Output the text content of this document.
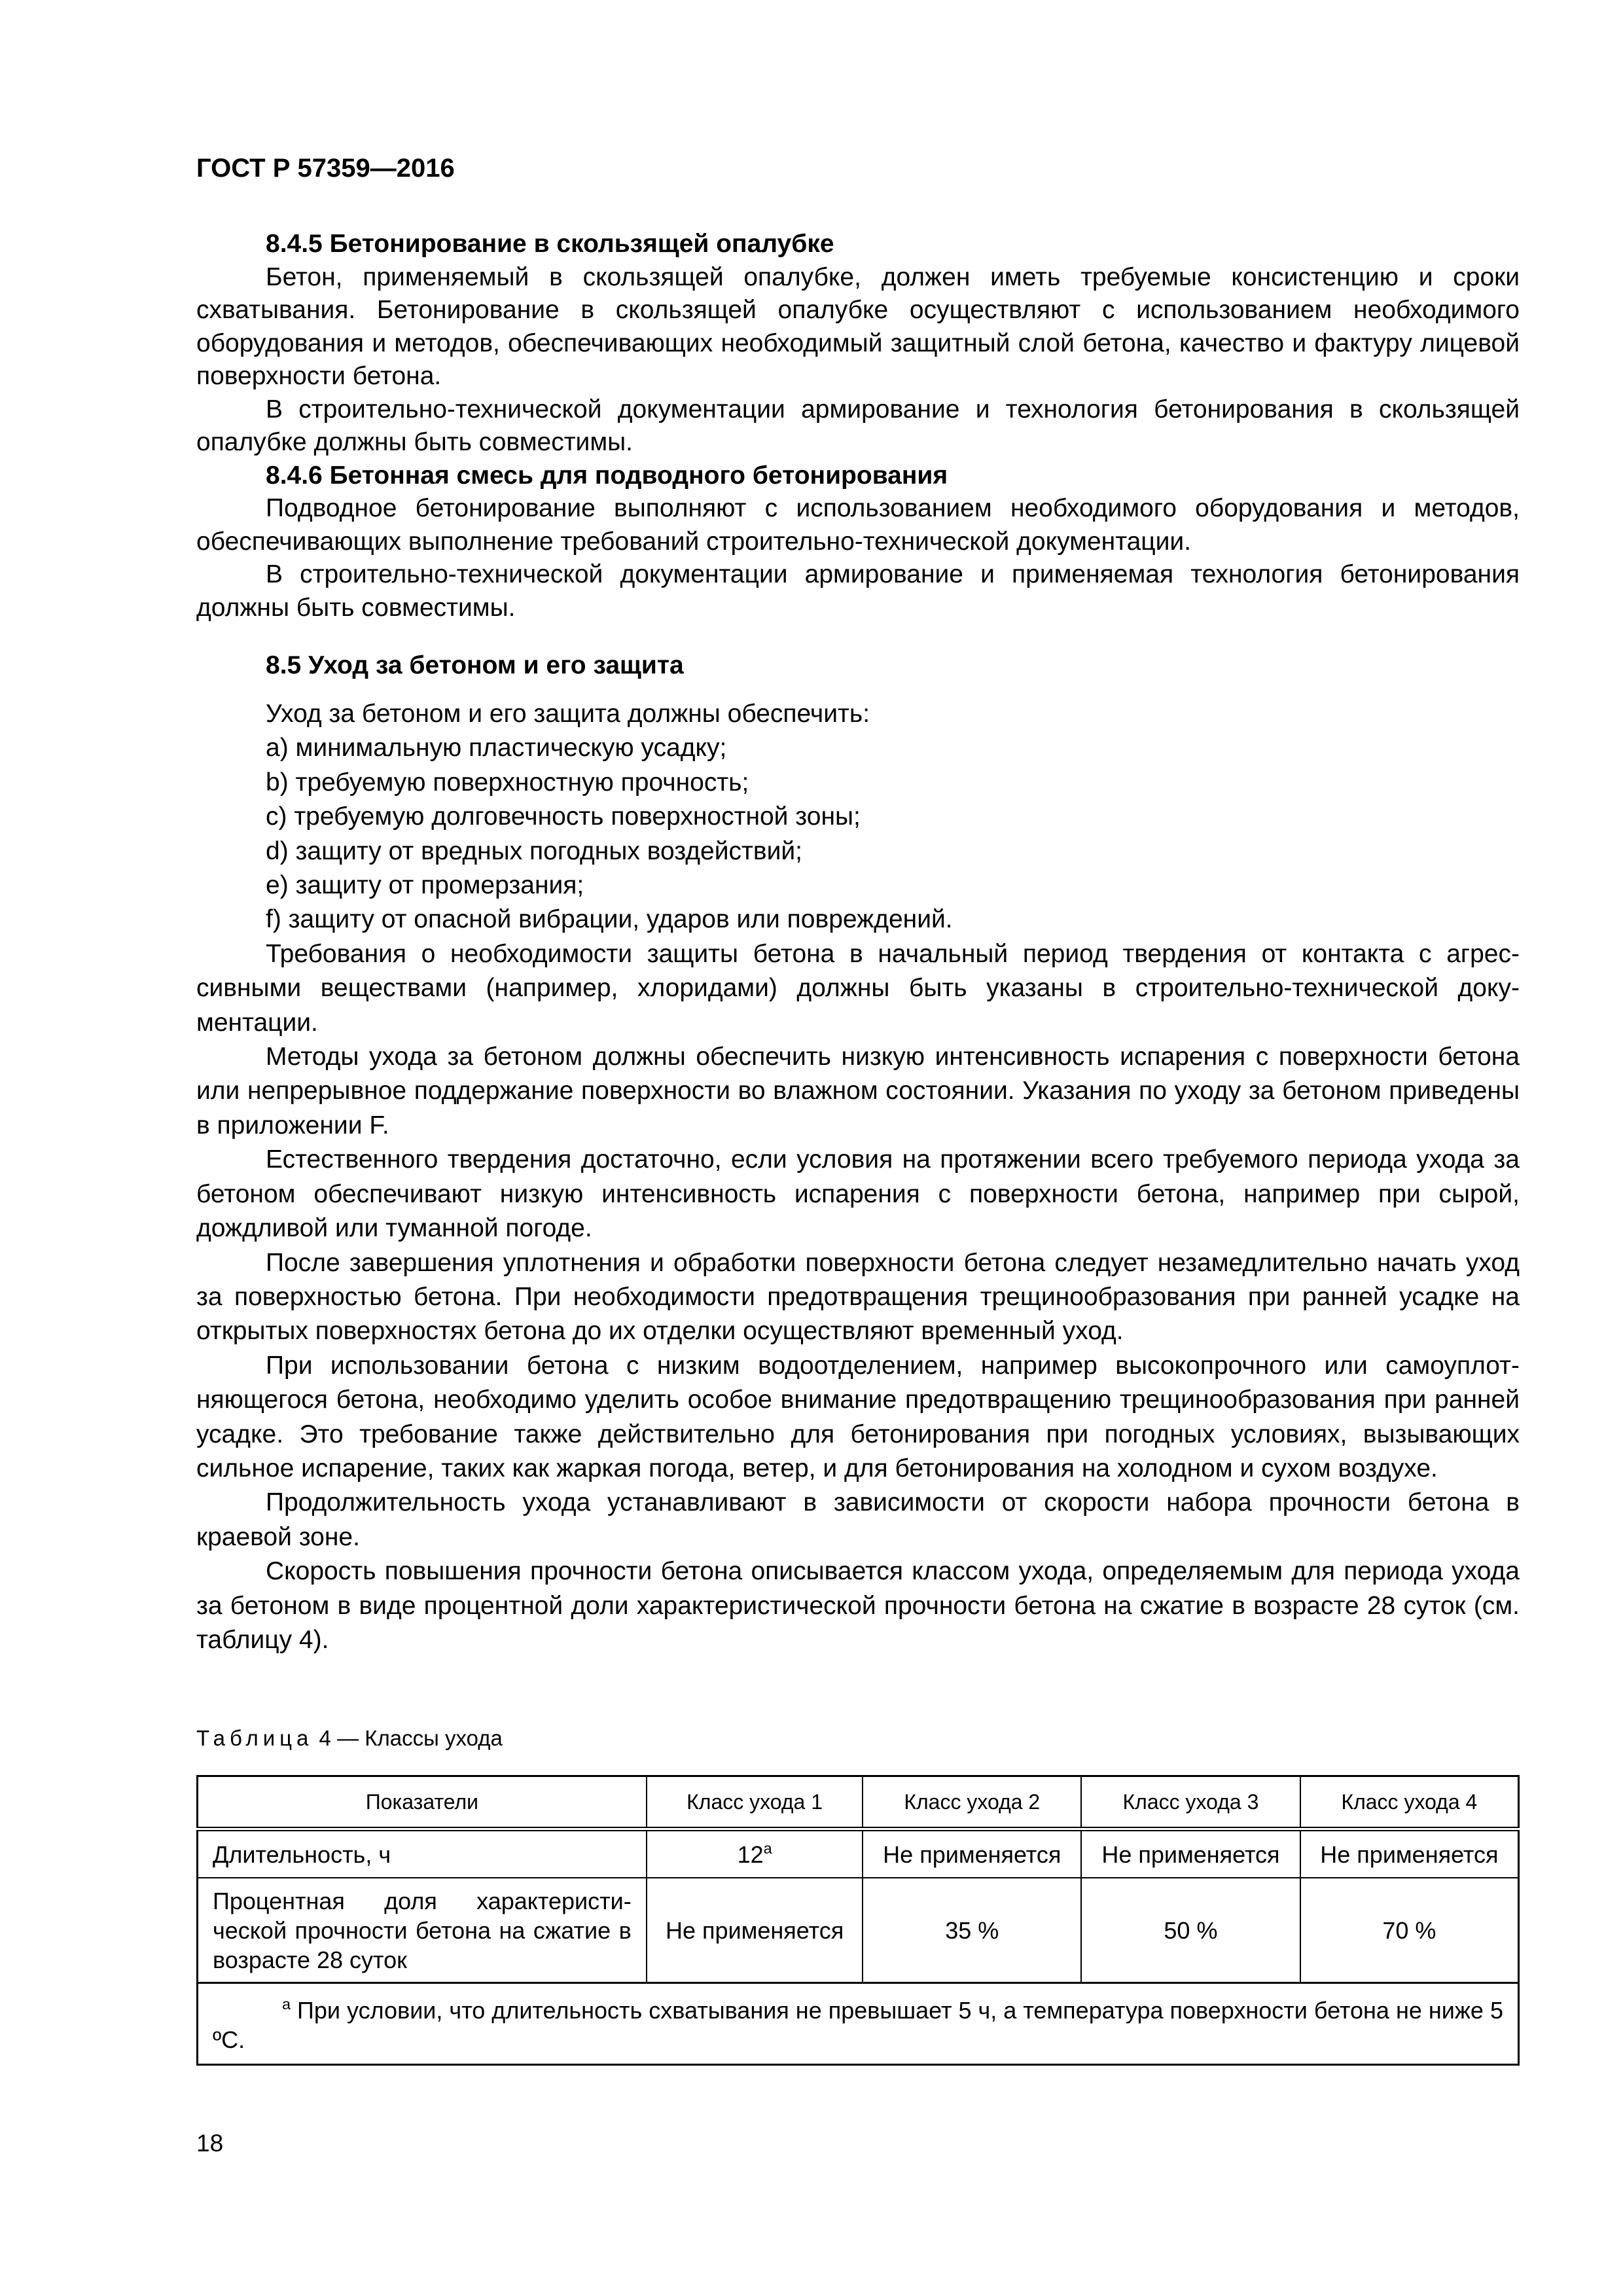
ГОСТ Р 57359—2016

8.4.5 Бетонирование в скользящей опалубке

Бетон, применяемый в скользящей опалубке, должен иметь требуемые консистенцию и сроки схватывания. Бетонирование в скользящей опалубке осуществляют с использованием необходимого оборудования и методов, обеспечивающих необходимый защитный слой бетона, качество и фактуру лицевой поверхности бетона.

В строительно-технической документации армирование и технология бетонирования в скользящей опалубке должны быть совместимы.

8.4.6 Бетонная смесь для подводного бетонирования

Подводное бетонирование выполняют с использованием необходимого оборудования и методов, обеспечивающих выполнение требований строительно-технической документации.

В строительно-технической документации армирование и применяемая технология бетонирования должны быть совместимы.

8.5 Уход за бетоном и его защита

Уход за бетоном и его защита должны обеспечить:

a) минимальную пластическую усадку;

b) требуемую поверхностную прочность;

c) требуемую долговечность поверхностной зоны;

d) защиту от вредных погодных воздействий;

e) защиту от промерзания;

f) защиту от опасной вибрации, ударов или повреждений.

Требования о необходимости защиты бетона в начальный период твердения от контакта с агрессивными веществами (например, хлоридами) должны быть указаны в строительно-технической документации.

Методы ухода за бетоном должны обеспечить низкую интенсивность испарения с поверхности бетона или непрерывное поддержание поверхности во влажном состоянии. Указания по уходу за бетоном приведены в приложении F.

Естественного твердения достаточно, если условия на протяжении всего требуемого периода ухода за бетоном обеспечивают низкую интенсивность испарения с поверхности бетона, например при сырой, дождливой или туманной погоде.

После завершения уплотнения и обработки поверхности бетона следует незамедлительно начать уход за поверхностью бетона. При необходимости предотвращения трещинообразования при ранней усадке на открытых поверхностях бетона до их отделки осуществляют временный уход.

При использовании бетона с низким водоотделением, например высокопрочного или самоуплотняющегося бетона, необходимо уделить особое внимание предотвращению трещинообразования при ранней усадке. Это требование также действительно для бетонирования при погодных условиях, вызывающих сильное испарение, таких как жаркая погода, ветер, и для бетонирования на холодном и сухом воздухе.

Продолжительность ухода устанавливают в зависимости от скорости набора прочности бетона в краевой зоне.

Скорость повышения прочности бетона описывается классом ухода, определяемым для периода ухода за бетоном в виде процентной доли характеристической прочности бетона на сжатие в возрасте 28 суток (см. таблицу 4).

Таблица 4 — Классы ухода
Показатели	Класс ухода 1	Класс ухода 2	Класс ухода 3	Класс ухода 4
Длительность, ч	$12^а$	Не применяется	Не применяется	Не применяется
Процентная доля характеристической прочности бетона на сжатие в возрасте 28 суток	Не применяется	35 %	50 %	70 %
$^а$ При условии, что длительность схватывания не превышает 5 ч, а температура поверхности бетона не ниже 5 ºС.				
18
